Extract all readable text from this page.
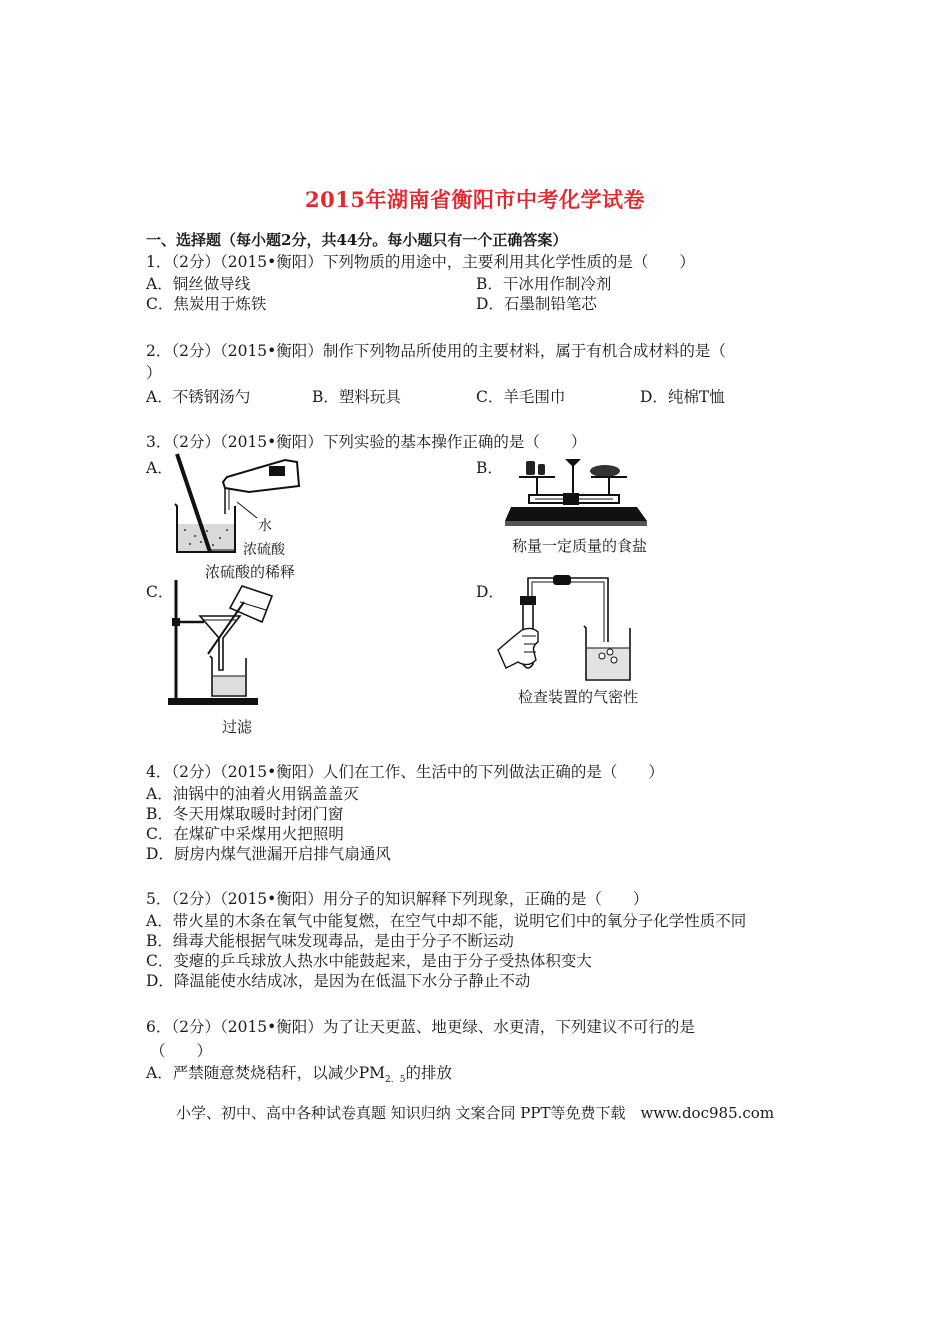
2015年湖南省衡阳市中考化学试卷
一、选择题（每小题2分，共44分。每小题只有一个正确答案）
1．（2分）（2015•衡阳）下列物质的用途中，主要利用其化学性质的是（　　）
A．铜丝做导线	B．干冰用作制冷剂
C．焦炭用于炼铁	D．石墨制铅笔芯
2．（2分）（2015•衡阳）制作下列物品所使用的主要材料，属于有机合成材料的是（
）
A．不锈钢汤勺	B．塑料玩具	C．羊毛围巾	D．纯棉T恤
3．（2分）（2015•衡阳）下列实验的基本操作正确的是（　　）
A．
水
浓硫酸
浓硫酸的稀释
B．
称量一定质量的食盐
C．
过滤
D．
检查装置的气密性
4．（2分）（2015•衡阳）人们在工作、生活中的下列做法正确的是（　　）
A．油锅中的油着火用锅盖盖灭
B．冬天用煤取暖时封闭门窗
C．在煤矿中采煤用火把照明
D．厨房内煤气泄漏开启排气扇通风
5．（2分）（2015•衡阳）用分子的知识解释下列现象，正确的是（　　）
A．带火星的木条在氧气中能复燃，在空气中却不能，说明它们中的氧分子化学性质不同
B．缉毒犬能根据气味发现毒品，是由于分子不断运动
C．变瘪的乒乓球放人热水中能鼓起来，是由于分子受热体积变大
D．降温能使水结成冰，是因为在低温下水分子静止不动
6．（2分）（2015•衡阳）为了让天更蓝、地更绿、水更清，下列建议不可行的是
（　　）
A．严禁随意焚烧秸秆，以减少$PM_{2.5}$的排放
小学、初中、高中各种试卷真题 知识归纳 文案合同 PPT等免费下载　www.doc985.com
